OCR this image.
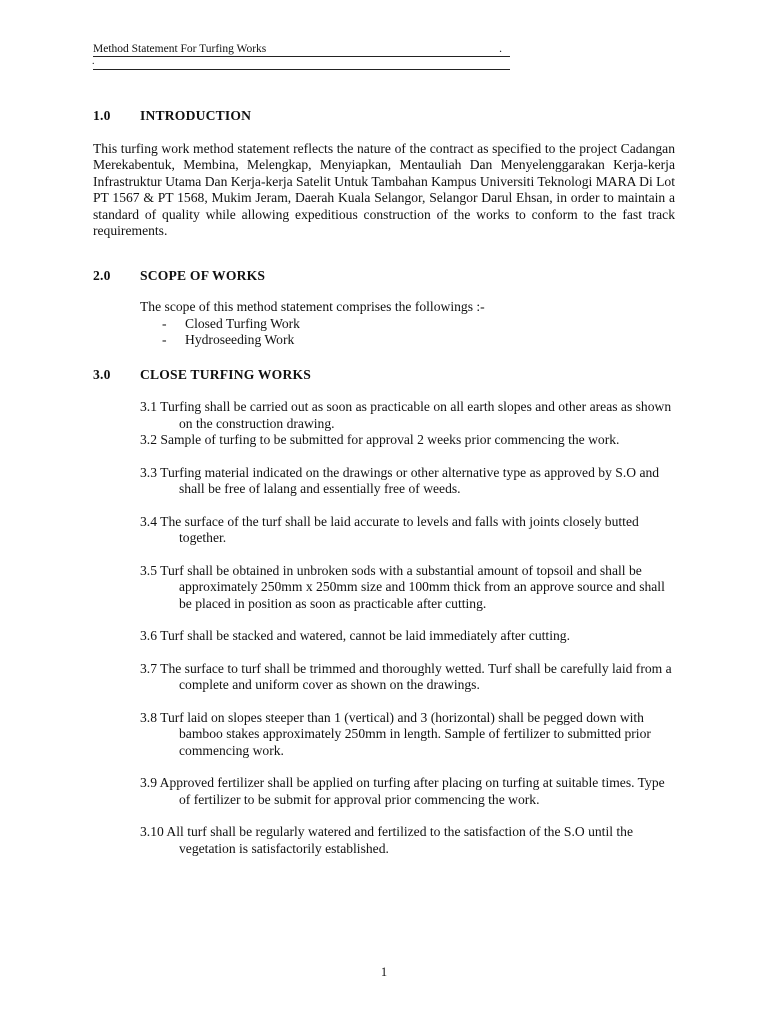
Method Statement For Turfing Works	.
.
1.0	INTRODUCTION

This turfing work method statement reflects the nature of the contract as specified to the project Cadangan Merekabentuk, Membina, Melengkap, Menyiapkan, Mentauliah Dan Menyelenggarakan Kerja-kerja Infrastruktur Utama Dan Kerja-kerja Satelit Untuk Tambahan Kampus Universiti Teknologi MARA Di Lot PT 1567 & PT 1568, Mukim Jeram, Daerah Kuala Selangor, Selangor Darul Ehsan, in order to maintain a standard of quality while allowing expeditious construction of the works to conform to the fast track requirements.

2.0	SCOPE OF WORKS

The scope of this method statement comprises the followings :-

-	Closed Turfing Work
-	Hydroseeding Work
3.0	CLOSE TURFING WORKS

3.1 Turfing shall be carried out as soon as practicable on all earth slopes and other areas as shown on the construction drawing.

3.2 Sample of turfing to be submitted for approval 2 weeks prior commencing the work.

3.3 Turfing material indicated on the drawings or other alternative type as approved by S.O and shall be free of lalang and essentially free of weeds.

3.4 The surface of the turf shall be laid accurate to levels and falls with joints closely butted together.

3.5 Turf shall be obtained in unbroken sods with a substantial amount of topsoil and shall be approximately 250mm x 250mm size and 100mm thick from an approve source and shall be placed in position as soon as practicable after cutting.

3.6 Turf shall be stacked and watered, cannot be laid immediately after cutting.

3.7 The surface to turf shall be trimmed and thoroughly wetted. Turf shall be carefully laid from a complete and uniform cover as shown on the drawings.

3.8 Turf laid on slopes steeper than 1 (vertical) and 3 (horizontal) shall be pegged down with bamboo stakes approximately 250mm in length. Sample of fertilizer to submitted prior commencing work.

3.9 Approved fertilizer shall be applied on turfing after placing on turfing at suitable times. Type of fertilizer to be submit for approval prior commencing the work.

3.10 All turf shall be regularly watered and fertilized to the satisfaction of the S.O until the vegetation is satisfactorily established.

1
